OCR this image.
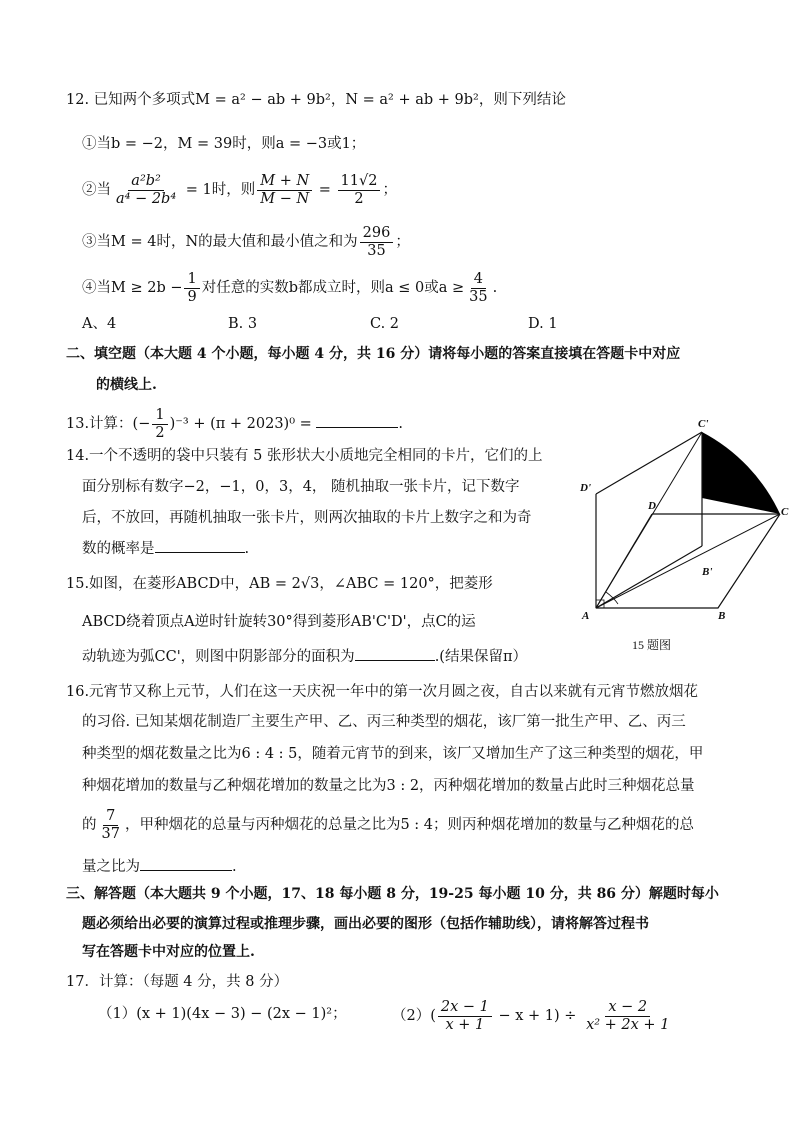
12. 已知两个多项式M = a² − ab + 9b²，N = a² + ab + 9b²，则下列结论
①当b = −2，M = 39时，则a = −3或1；
②当 $\frac{\text{a²b²}}{\text{a⁴ − 2b⁴}} = 1$时，则 $\frac{M + N}{M - N} = \frac{11√2}{2}$ ；
③当M = 4时，N的最大值和最小值之和为 $\frac{296}{35}$ ；
④当$M \ge 2b - \frac{1}{9}$ 对任意的实数b都成立时，则a ≤ 0或$a \ge \frac{4}{35}$ .
A、4	B. 3	C. 2	D. 1
二、填空题（本大题 4 个小题，每小题 4 分，共 16 分）请将每小题的答案直接填在答题卡中对应
的横线上.
13.计算：(− $\frac{1}{2} )^{-3} + (\pi + 2023)^0$ =	.
14.一个不透明的袋中只装有 5 张形状大小质地完全相同的卡片，它们的上
面分别标有数字−2，−1，0，3，4， 随机抽取一张卡片，记下数字
后，不放回，再随机抽取一张卡片，则两次抽取的卡片上数字之和为奇
数的概率是	.
15.如图，在菱形ABCD中，AB = 2√3，∠ABC = 120°，把菱形
ABCD绕着顶点A逆时针旋转30°得到菱形AB'C'D'，点C的运
动轨迹为弧CC'，则图中阴影部分的面积为	.(结果保留π）
C'
D'
D	C
B'
A	B
15 题图
16.元宵节又称上元节，人们在这一天庆祝一年中的第一次月圆之夜，自古以来就有元宵节燃放烟花
的习俗. 已知某烟花制造厂主要生产甲、乙、丙三种类型的烟花，该厂第一批生产甲、乙、丙三
种类型的烟花数量之比为6 : 4 : 5，随着元宵节的到来，该厂又增加生产了这三种类型的烟花，甲
种烟花增加的数量与乙种烟花增加的数量之比为3 : 2，丙种烟花增加的数量占此时三种烟花总量
的 $\frac{7}{37}$ ，甲种烟花的总量与丙种烟花的总量之比为5 : 4；则丙种烟花增加的数量与乙种烟花的总
量之比为	.
三、解答题（本大题共 9 个小题，17、18 每小题 8 分，19-25 每小题 10 分，共 86 分）解题时每小
题必须给出必要的演算过程或推理步骤，画出必要的图形（包括作辅助线），请将解答过程书
写在答题卡中对应的位置上.
17．计算：（每题 4 分，共 8 分）
（1）(x + 1)(4x − 3) − (2x − 1)²；	$(2)( \frac{2x - 1}{x + 1} - x + 1) \div \frac{x - 2}{\text{x² + 2x + 1}}$
